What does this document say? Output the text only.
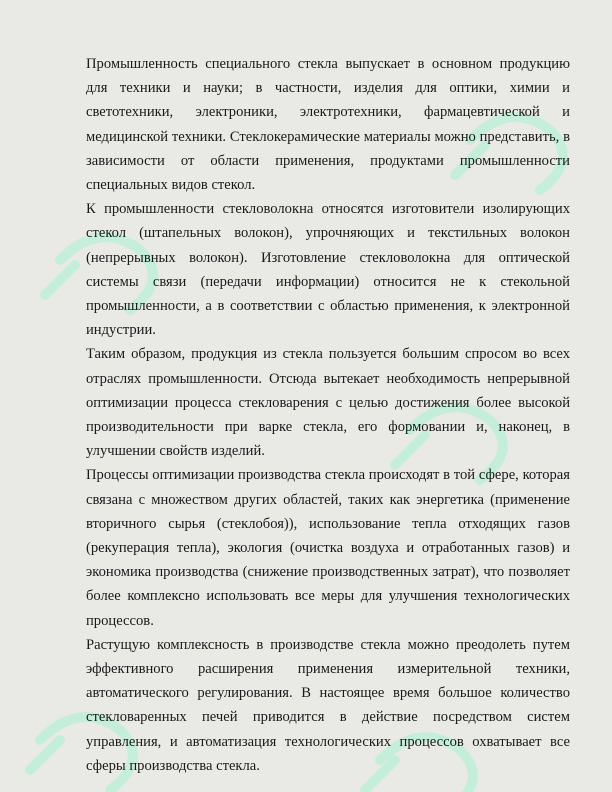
Промышленность специального стекла выпускает в основном продукцию для техники и науки; в частности, изделия для оптики, химии и светотехники, электроники, электротехники, фармацевтической и медицинской техники. Стеклокерамические материалы можно представить, в зависимости от области применения, продуктами промышленности специальных видов стекол.

К промышленности стекловолокна относятся изготовители изолирующих стекол (штапельных волокон), упрочняющих и текстильных волокон (непрерывных волокон). Изготовление стекловолокна для оптической системы связи (передачи информации) относится не к стекольной промышленности, а в соответствии с областью применения, к электронной индустрии.

Таким образом, продукция из стекла пользуется большим спросом во всех отраслях промышленности. Отсюда вытекает необходимость непрерывной оптимизации процесса стекловарения с целью достижения более высокой производительности при варке стекла, его формовании и, наконец, в улучшении свойств изделий.

Процессы оптимизации производства стекла происходят в той сфере, которая связана с множеством других областей, таких как энергетика (применение вторичного сырья (стеклобоя)), использование тепла отходящих газов (рекуперация тепла), экология (очистка воздуха и отработанных газов) и экономика производства (снижение производственных затрат), что позволяет более комплексно использовать все меры для улучшения технологических процессов.

Растущую комплексность в производстве стекла можно преодолеть путем эффективного расширения применения измерительной техники, автоматического регулирования. В настоящее время большое количество стекловаренных печей приводится в действие посредством систем управления, и автоматизация технологических процессов охватывает все сферы производства стекла.
